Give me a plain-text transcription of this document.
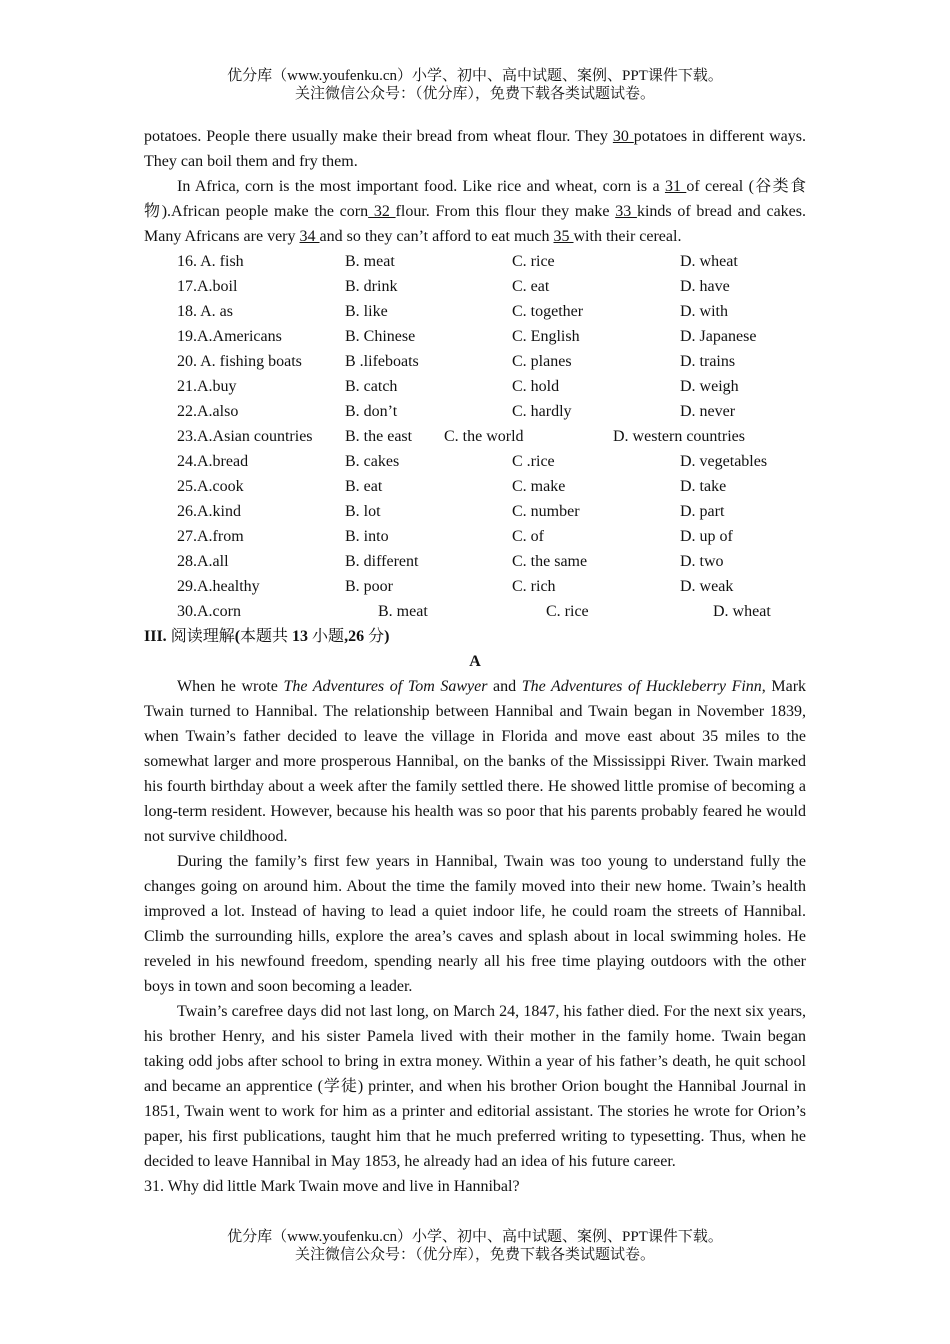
优分库（www.youfenku.cn）小学、初中、高中试题、案例、PPT课件下载。
关注微信公众号：（优分库），免费下载各类试题试卷。

potatoes. People there usually make their bread from wheat flour. They 30 potatoes in different ways. They can boil them and fry them.

In Africa, corn is the most important food. Like rice and wheat, corn is a 31 of cereal (谷类食物).African people make the corn 32 flour. From this flour they make 33 kinds of bread and cakes. Many Africans are very 34 and so they can’t afford to eat much 35 with their cereal.

16. A. fish	B. meat	C. rice	D. wheat
17.A.boil	B. drink	C. eat	D. have
18. A. as	B. like	C. together	D. with
19.A.Americans	B. Chinese	C. English	D. Japanese
20. A. fishing boats	B .lifeboats	C. planes	D. trains
21.A.buy	B. catch	C. hold	D. weigh
22.A.also	B. don’t	C. hardly	D. never
23.A.Asian countries B. the east C. the world	D. western countries
24.A.bread	B. cakes	C .rice	D. vegetables
25.A.cook	B. eat	C. make	D. take
26.A.kind	B. lot	C. number	D. part
27.A.from	B. into	C. of	D. up of
28.A.all	B. different	C. the same	D. two
29.A.healthy	B. poor	C. rich	D. weak
30.A.corn	B. meat	C. rice	D. wheat

III. 阅读理解(本题共 13 小题,26 分)

A

When he wrote The Adventures of Tom Sawyer and The Adventures of Huckleberry Finn, Mark Twain turned to Hannibal. The relationship between Hannibal and Twain began in November 1839, when Twain’s father decided to leave the village in Florida and move east about 35 miles to the somewhat larger and more prosperous Hannibal, on the banks of the Mississippi River. Twain marked his fourth birthday about a week after the family settled there. He showed little promise of becoming a long-term resident. However, because his health was so poor that his parents probably feared he would not survive childhood.

During the family’s first few years in Hannibal, Twain was too young to understand fully the changes going on around him. About the time the family moved into their new home. Twain’s health improved a lot. Instead of having to lead a quiet indoor life, he could roam the streets of Hannibal. Climb the surrounding hills, explore the area’s caves and splash about in local swimming holes. He reveled in his newfound freedom, spending nearly all his free time playing outdoors with the other boys in town and soon becoming a leader.

Twain’s carefree days did not last long, on March 24, 1847, his father died. For the next six years, his brother Henry, and his sister Pamela lived with their mother in the family home. Twain began taking odd jobs after school to bring in extra money. Within a year of his father’s death, he quit school and became an apprentice (学徒) printer, and when his brother Orion bought the Hannibal Journal in 1851, Twain went to work for him as a printer and editorial assistant. The stories he wrote for Orion’s paper, his first publications, taught him that he much preferred writing to typesetting. Thus, when he decided to leave Hannibal in May 1853, he already had an idea of his future career.

31. Why did little Mark Twain move and live in Hannibal?

优分库（www.youfenku.cn）小学、初中、高中试题、案例、PPT课件下载。
关注微信公众号：（优分库），免费下载各类试题试卷。
